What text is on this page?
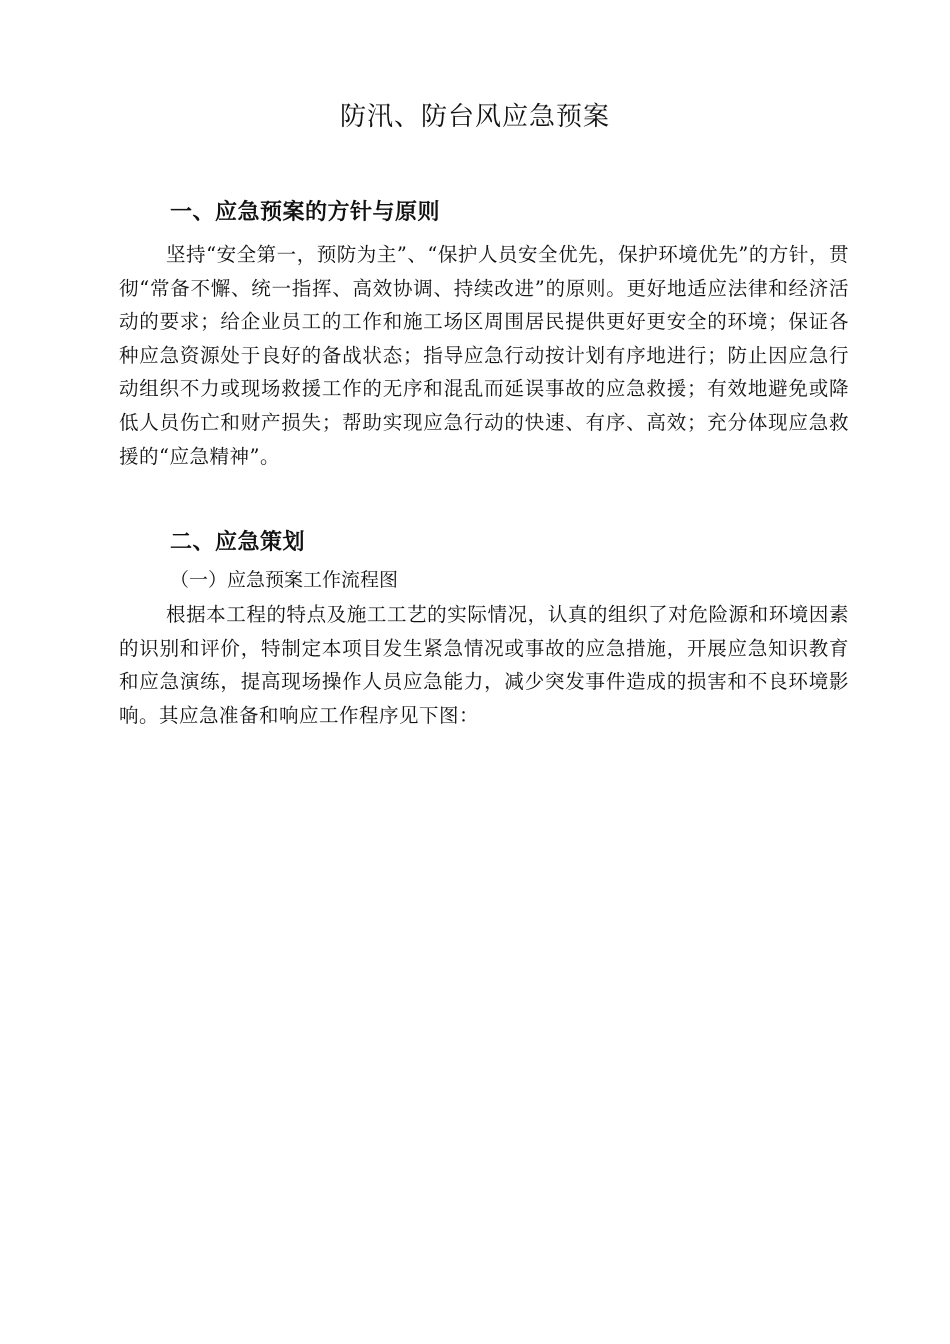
防汛、防台风应急预案
一、应急预案的方针与原则

坚持“安全第一，预防为主”、“保护人员安全优先，保护环境优先”的方针，贯彻“常备不懈、统一指挥、高效协调、持续改进”的原则。更好地适应法律和经济活动的要求；给企业员工的工作和施工场区周围居民提供更好更安全的环境；保证各种应急资源处于良好的备战状态；指导应急行动按计划有序地进行；防止因应急行动组织不力或现场救援工作的无序和混乱而延误事故的应急救援；有效地避免或降低人员伤亡和财产损失；帮助实现应急行动的快速、有序、高效；充分体现应急救援的“应急精神”。

二、应急策划

（一）应急预案工作流程图

根据本工程的特点及施工工艺的实际情况，认真的组织了对危险源和环境因素的识别和评价，特制定本项目发生紧急情况或事故的应急措施，开展应急知识教育和应急演练，提高现场操作人员应急能力，减少突发事件造成的损害和不良环境影响。其应急准备和响应工作程序见下图：
